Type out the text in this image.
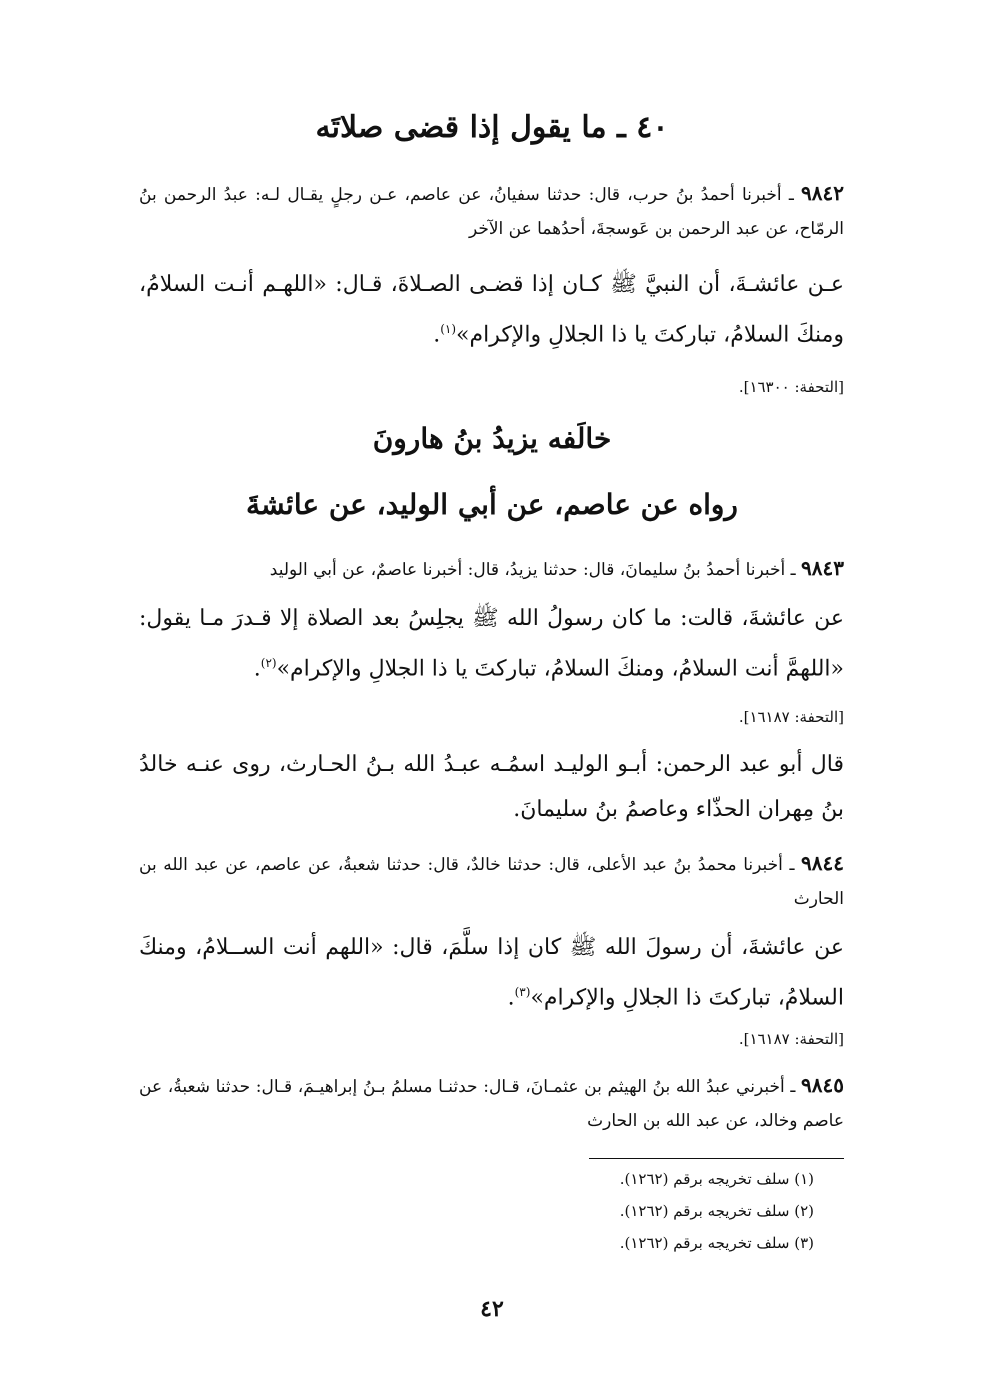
٤٠ ـ ما يقول إذا قضى صلاتَه
٩٨٤٢ ـ أخبرنا أحمدُ بنُ حرب، قال: حدثنا سفيانُ، عن عاصم، عـن رجلٍ يقـال لـه: عبدُ الرحمن بنُ الرمّاح، عن عبد الرحمن بن عَوسجةَ، أحدُهما عن الآخر
عـن عائشـةَ، أن النبيَّ ﷺ كـان إذا قضـى الصـلاةَ، قـال: «اللهـم أنـت السلامُ، ومنكَ السلامُ، تباركتَ يا ذا الجلالِ والإكرام»$^{(١)}$.
[التحفة: ١٦٣٠٠].
خالَفه يزيدُ بنُ هارونَ
رواه عن عاصم، عن أبي الوليد، عن عائشةَ
٩٨٤٣ ـ أخبرنا أحمدُ بنُ سليمانَ، قال: حدثنا يزيدُ، قال: أخبرنا عاصمٌ، عن أبي الوليد
عن عائشةَ، قالت: ما كان رسولُ الله ﷺ يجلِسُ بعد الصلاة إلا قـدرَ مـا يقول: «اللهمَّ أنت السلامُ، ومنكَ السلامُ، تباركتَ يا ذا الجلالِ والإكرام»$^{(٢)}$.
[التحفة: ١٦١٨٧].
قال أبو عبد الرحمن: أبـو الوليـد اسمُـه عبـدُ الله بـنُ الحـارث، روى عنـه خالدُ بنُ مِهران الحذّاء وعاصمُ بنُ سليمانَ.
٩٨٤٤ ـ أخبرنا محمدُ بنُ عبد الأعلى، قال: حدثنا خالدٌ، قال: حدثنا شعبةُ، عن عاصم، عن عبد الله بن الحارث
عن عائشةَ، أن رسولَ الله ﷺ كان إذا سلَّمَ، قال: «اللهم أنت الســلامُ، ومنكَ السلامُ، تباركتَ ذا الجلالِ والإكرام»$^{(٣)}$.
[التحفة: ١٦١٨٧].
٩٨٤٥ ـ أخبرني عبدُ الله بنُ الهيثم بن عثمـانَ، قـال: حدثنـا مسلمُ بـنُ إبراهيـمَ، قـال: حدثنا شعبةُ، عن عاصم وخالد، عن عبد الله بن الحارث
(١) سلف تخريجه برقم (١٢٦٢).
(٢) سلف تخريجه برقم (١٢٦٢).
(٣) سلف تخريجه برقم (١٢٦٢).
٤٢
